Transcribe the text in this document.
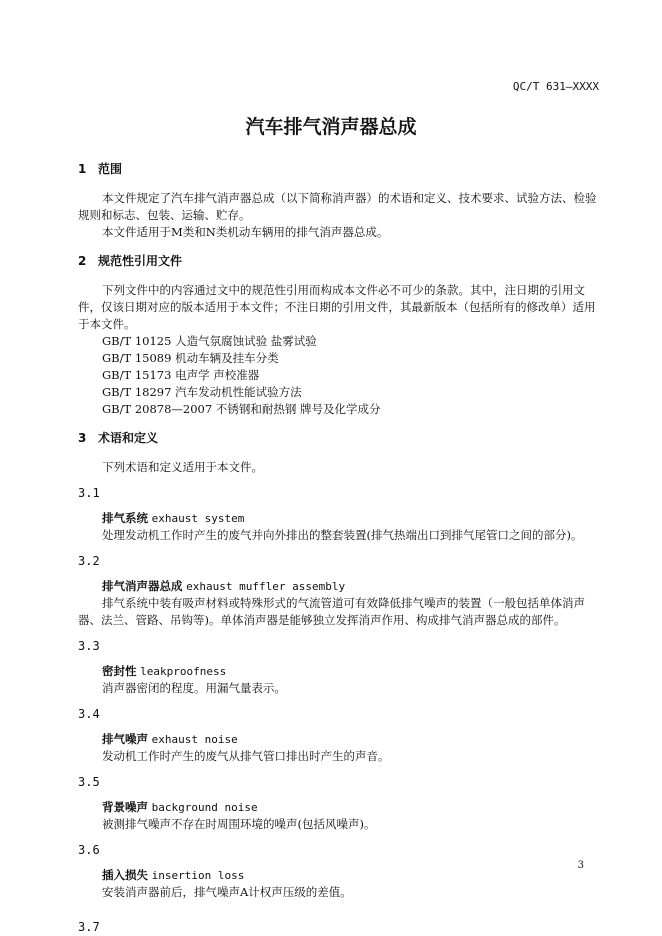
QC/T 631—XXXX
汽车排气消声器总成
1 范围

本文件规定了汽车排气消声器总成（以下简称消声器）的术语和定义、技术要求、试验方法、检验规则和标志、包装、运输、贮存。

本文件适用于M类和N类机动车辆用的排气消声器总成。

2 规范性引用文件

下列文件中的内容通过文中的规范性引用而构成本文件必不可少的条款。其中，注日期的引用文件，仅该日期对应的版本适用于本文件；不注日期的引用文件，其最新版本（包括所有的修改单）适用于本文件。

GB/T 10125 人造气氛腐蚀试验 盐雾试验
GB/T 15089 机动车辆及挂车分类
GB/T 15173 电声学 声校准器
GB/T 18297 汽车发动机性能试验方法
GB/T 20878—2007 不锈钢和耐热钢 牌号及化学成分
3 术语和定义

下列术语和定义适用于本文件。

3.1
排气系统 exhaust system

处理发动机工作时产生的废气并向外排出的整套装置(排气热端出口到排气尾管口之间的部分)。

3.2
排气消声器总成 exhaust muffler assembly

排气系统中装有吸声材料或特殊形式的气流管道可有效降低排气噪声的装置（一般包括单体消声器、法兰、管路、吊钩等)。单体消声器是能够独立发挥消声作用、构成排气消声器总成的部件。

3.3
密封性 leakproofness

消声器密闭的程度。用漏气量表示。

3.4
排气噪声 exhaust noise

发动机工作时产生的废气从排气管口排出时产生的声音。

3.5
背景噪声 background noise

被测排气噪声不存在时周围环境的噪声(包括风噪声)。

3.6
插入损失 insertion loss

安装消声器前后，排气噪声A计权声压级的差值。

3.7
3
